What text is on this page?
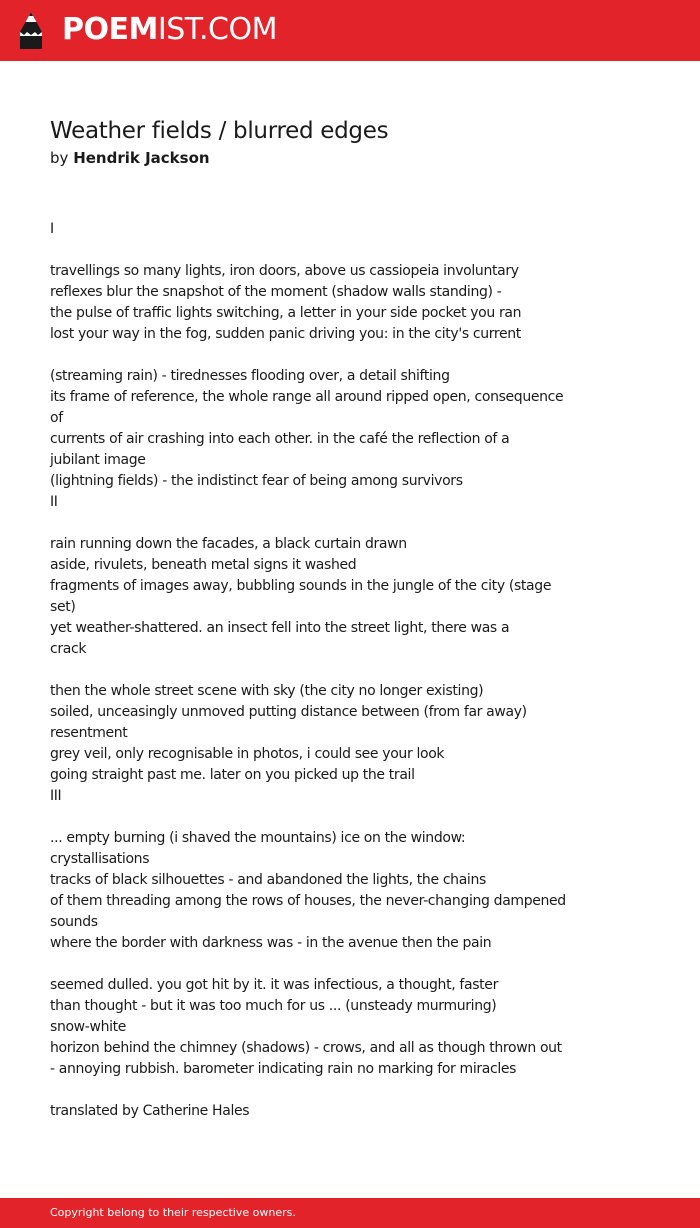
POEMIST.COM
Weather fields / blurred edges
by Hendrik Jackson
I
travellings so many lights, iron doors, above us cassiopeia involuntary
reflexes blur the snapshot of the moment (shadow walls standing) -
the pulse of traffic lights switching, a letter in your side pocket you ran
lost your way in the fog, sudden panic driving you: in the city's current
(streaming rain) - tirednesses flooding over, a detail shifting
its frame of reference, the whole range all around ripped open, consequence
of
currents of air crashing into each other. in the café the reflection of a
jubilant image
(lightning fields) - the indistinct fear of being among survivors
II
rain running down the facades, a black curtain drawn
aside, rivulets, beneath metal signs it washed
fragments of images away, bubbling sounds in the jungle of the city (stage
set)
yet weather-shattered. an insect fell into the street light, there was a
crack
then the whole street scene with sky (the city no longer existing)
soiled, unceasingly unmoved putting distance between (from far away)
resentment
grey veil, only recognisable in photos, i could see your look
going straight past me. later on you picked up the trail
III
... empty burning (i shaved the mountains) ice on the window:
crystallisations
tracks of black silhouettes - and abandoned the lights, the chains
of them threading among the rows of houses, the never-changing dampened
sounds
where the border with darkness was - in the avenue then the pain
seemed dulled. you got hit by it. it was infectious, a thought, faster
than thought - but it was too much for us ... (unsteady murmuring)
snow-white
horizon behind the chimney (shadows) - crows, and all as though thrown out
- annoying rubbish. barometer indicating rain no marking for miracles
translated by Catherine Hales
Copyright belong to their respective owners.
